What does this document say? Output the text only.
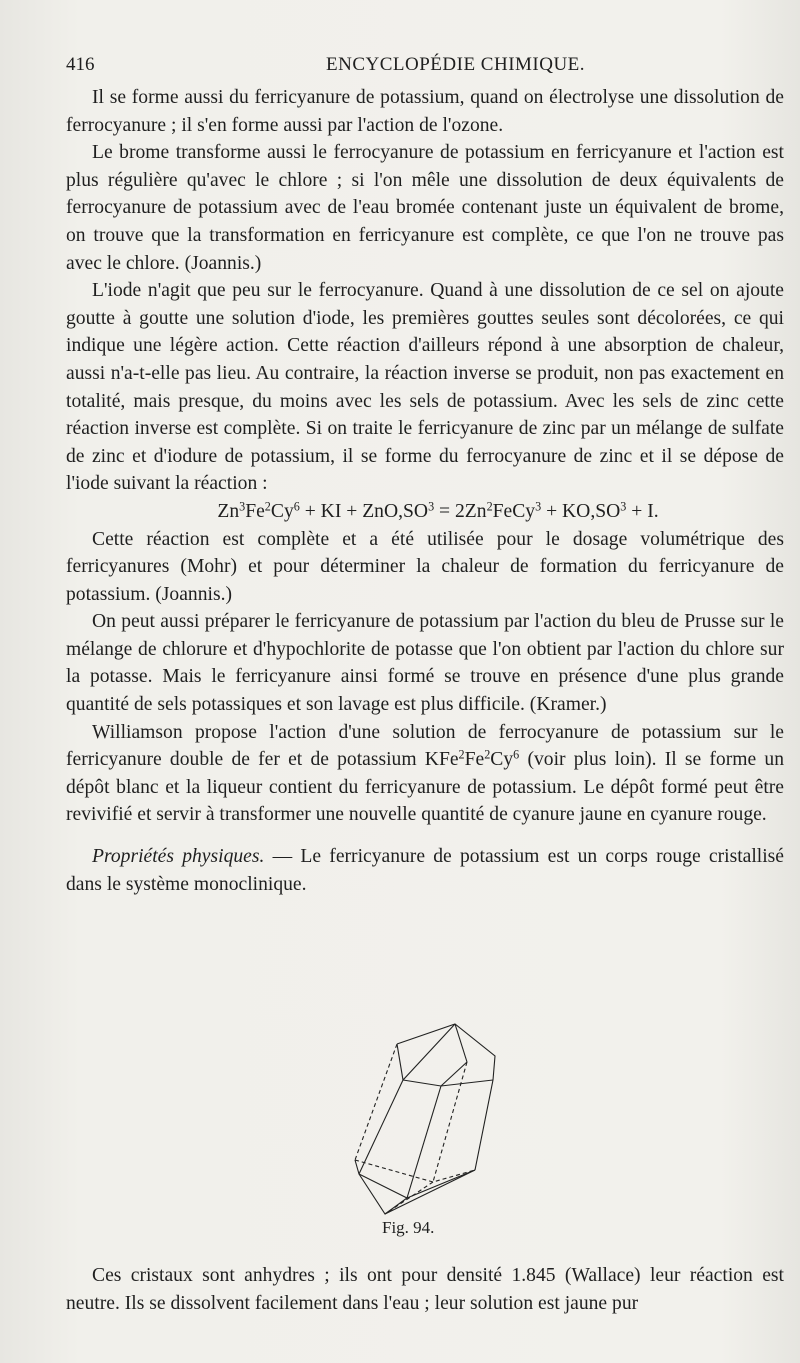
416	ENCYCLOPÉDIE CHIMIQUE.

Il se forme aussi du ferricyanure de potassium, quand on électrolyse une dissolution de ferrocyanure ; il s'en forme aussi par l'action de l'ozone.

Le brome transforme aussi le ferrocyanure de potassium en ferricyanure et l'action est plus régulière qu'avec le chlore ; si l'on mêle une dissolution de deux équivalents de ferrocyanure de potassium avec de l'eau bromée contenant juste un équivalent de brome, on trouve que la transformation en ferricyanure est complète, ce que l'on ne trouve pas avec le chlore. (Joannis.)

L'iode n'agit que peu sur le ferrocyanure. Quand à une dissolution de ce sel on ajoute goutte à goutte une solution d'iode, les premières gouttes seules sont décolorées, ce qui indique une légère action. Cette réaction d'ailleurs répond à une absorption de chaleur, aussi n'a-t-elle pas lieu. Au contraire, la réaction inverse se produit, non pas exactement en totalité, mais presque, du moins avec les sels de potassium. Avec les sels de zinc cette réaction inverse est complète. Si on traite le ferricyanure de zinc par un mélange de sulfate de zinc et d'iodure de potassium, il se forme du ferrocyanure de zinc et il se dépose de l'iode suivant la réaction :

$Zn^3Fe^2Cy^6$ + KI + $ZnO,SO^3$ = $2Zn^2FeCy^3 + KO,SO^3 + I$.

Cette réaction est complète et a été utilisée pour le dosage volumétrique des ferricyanures (Mohr) et pour déterminer la chaleur de formation du ferricyanure de potassium. (Joannis.)

On peut aussi préparer le ferricyanure de potassium par l'action du bleu de Prusse sur le mélange de chlorure et d'hypochlorite de potasse que l'on obtient par l'action du chlore sur la potasse. Mais le ferricyanure ainsi formé se trouve en présence d'une plus grande quantité de sels potassiques et son lavage est plus difficile. (Kramer.)

Williamson propose l'action d'une solution de ferrocyanure de potassium sur le ferricyanure double de fer et de potassium KFe$^2$Fe$^2$Cy$^6$ (voir plus loin). Il se forme un dépôt blanc et la liqueur contient du ferricyanure de potassium. Le dépôt formé peut être revivifié et servir à transformer une nouvelle quantité de cyanure jaune en cyanure rouge.

Propriétés physiques. — Le ferricyanure de potassium est un corps rouge cristallisé dans le système monoclinique.

Fig. 94.

Ces cristaux sont anhydres ; ils ont pour densité 1.845 (Wallace) leur réaction est neutre. Ils se dissolvent facilement dans l'eau ; leur solution est jaune pur
